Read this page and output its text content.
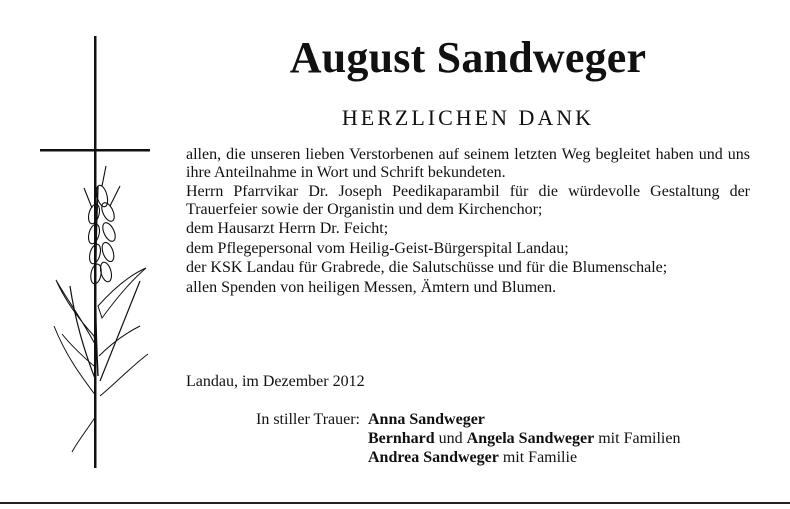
August Sandweger
HERZLICHEN DANK

allen, die unseren lieben Verstorbenen auf seinem letzten Weg begleitet haben und uns ihre Anteilnahme in Wort und Schrift bekundeten.

Herrn Pfarrvikar Dr. Joseph Peedikaparambil für die würdevolle Gestaltung der Trauerfeier sowie der Organistin und dem Kirchenchor;

dem Hausarzt Herrn Dr. Feicht;

dem Pflegepersonal vom Heilig-Geist-Bürgerspital Landau;

der KSK Landau für Grabrede, die Salutschüsse und für die Blumenschale;

allen Spenden von heiligen Messen, Ämtern und Blumen.

Landau, im Dezember 2012
In stiller Trauer: Anna Sandweger
Bernhard und Angela Sandweger mit Familien
Andrea Sandweger mit Familie
